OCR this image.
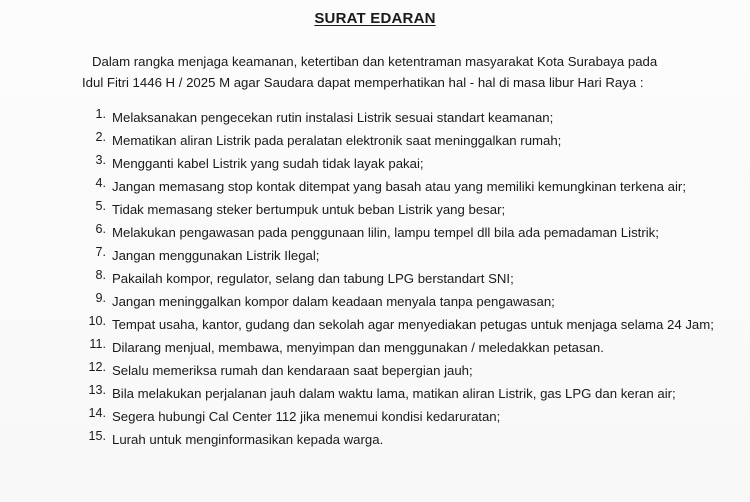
SURAT EDARAN
Dalam rangka menjaga keamanan, ketertiban dan ketentraman masyarakat Kota Surabaya pada
Idul Fitri 1446 H / 2025 M agar Saudara dapat memperhatikan hal - hal di masa libur Hari Raya :
1. Melaksanakan pengecekan rutin instalasi Listrik sesuai standart keamanan;
2. Mematikan aliran Listrik pada peralatan elektronik saat meninggalkan rumah;
3. Mengganti kabel Listrik yang sudah tidak layak pakai;
4. Jangan memasang stop kontak ditempat yang basah atau yang memiliki kemungkinan terkena air;
5. Tidak memasang steker bertumpuk untuk beban Listrik yang besar;
6. Melakukan pengawasan pada penggunaan lilin, lampu tempel dll bila ada pemadaman Listrik;
7. Jangan menggunakan Listrik Ilegal;
8. Pakailah kompor, regulator, selang dan tabung LPG berstandart SNI;
9. Jangan meninggalkan kompor dalam keadaan menyala tanpa pengawasan;
10. Tempat usaha, kantor, gudang dan sekolah agar menyediakan petugas untuk menjaga selama 24 Jam;
11. Dilarang menjual, membawa, menyimpan dan menggunakan / meledakkan petasan.
12. Selalu memeriksa rumah dan kendaraan saat bepergian jauh;
13. Bila melakukan perjalanan jauh dalam waktu lama, matikan aliran Listrik, gas LPG dan keran air;
14. Segera hubungi Cal Center 112 jika menemui kondisi kedaruratan;
15. Lurah untuk menginformasikan kepada warga.
